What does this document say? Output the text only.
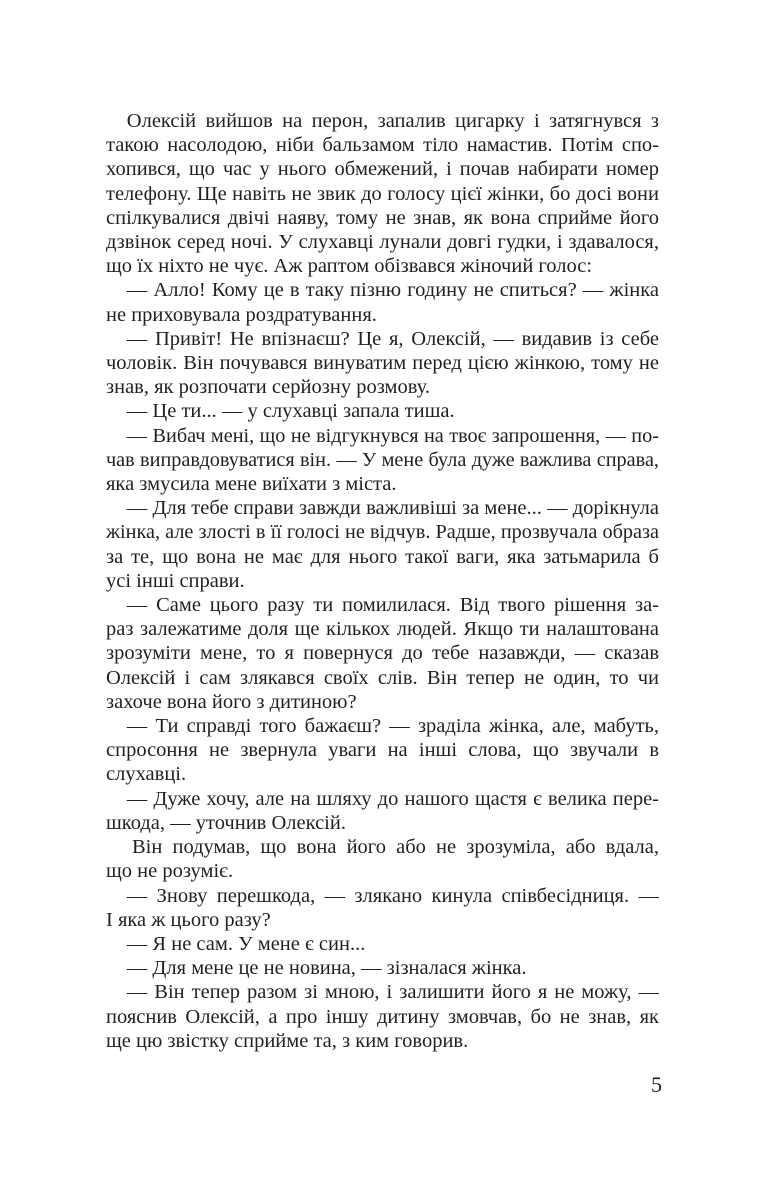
Олексій вийшов на перон, запалив цигарку і затягнувся з
такою насолодою, ніби бальзамом тіло намастив. Потім спо-
хопився, що час у нього обмежений, і почав набирати номер
телефону. Ще навіть не звик до голосу цієї жінки, бо досі вони
спілкувалися двічі наяву, тому не знав, як вона сприйме його
дзвінок серед ночі. У слухавці лунали довгі гудки, і здавалося,
що їх ніхто не чує. Аж раптом обізвався жіночий голос:

— Алло! Кому це в таку пізню годину не спиться? — жінка
не приховувала роздратування.

— Привіт! Не впізнаєш? Це я, Олексій, — видавив із себе
чоловік. Він почувався винуватим перед цією жінкою, тому не
знав, як розпочати серйозну розмову.

— Це ти... — у слухавці запала тиша.

— Вибач мені, що не відгукнувся на твоє запрошення, — по-
чав виправдовуватися він. — У мене була дуже важлива справа,
яка змусила мене виїхати з міста.

— Для тебе справи завжди важливіші за мене... — дорікнула
жінка, але злості в її голосі не відчув. Радше, прозвучала образа
за те, що вона не має для нього такої ваги, яка затьмарила б
усі інші справи.

— Саме цього разу ти помилилася. Від твого рішення за-
раз залежатиме доля ще кількох людей. Якщо ти налаштована
зрозуміти мене, то я повернуся до тебе назавжди, — сказав
Олексій і сам злякався своїх слів. Він тепер не один, то чи
захоче вона його з дитиною?

— Ти справді того бажаєш? — зраділа жінка, але, мабуть,
спросоння не звернула уваги на інші слова, що звучали в
слухавці.

— Дуже хочу, але на шляху до нашого щастя є велика пере-
шкода, — уточнив Олексій.

Він подумав, що вона його або не зрозуміла, або вдала,
що не розуміє.

— Знову перешкода, — злякано кинула співбесідниця. —
І яка ж цього разу?

— Я не сам. У мене є син...

— Для мене це не новина, — зізналася жінка.

— Він тепер разом зі мною, і залишити його я не можу, —
пояснив Олексій, а про іншу дитину змовчав, бо не знав, як
ще цю звістку сприйме та, з ким говорив.

5
